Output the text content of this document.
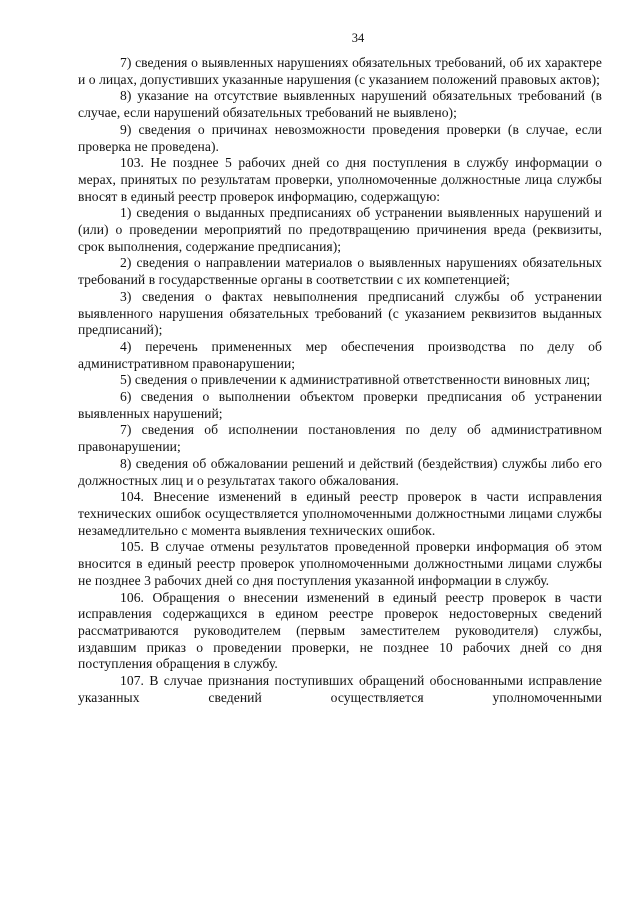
34

7) сведения о выявленных нарушениях обязательных требований, об их характере и о лицах, допустивших указанные нарушения (с указанием положений правовых актов);

8) указание на отсутствие выявленных нарушений обязательных требований (в случае, если нарушений обязательных требований не выявлено);

9) сведения о причинах невозможности проведения проверки (в случае, если проверка не проведена).

103. Не позднее 5 рабочих дней со дня поступления в службу информации о мерах, принятых по результатам проверки, уполномоченные должностные лица службы вносят в единый реестр проверок информацию, содержащую:

1) сведения о выданных предписаниях об устранении выявленных нарушений и (или) о проведении мероприятий по предотвращению причинения вреда (реквизиты, срок выполнения, содержание предписания);

2) сведения о направлении материалов о выявленных нарушениях обязательных требований в государственные органы в соответствии с их компетенцией;

3) сведения о фактах невыполнения предписаний службы об устранении выявленного нарушения обязательных требований (с указанием реквизитов выданных предписаний);

4) перечень примененных мер обеспечения производства по делу об административном правонарушении;

5) сведения о привлечении к административной ответственности виновных лиц;

6) сведения о выполнении объектом проверки предписания об устранении выявленных нарушений;

7) сведения об исполнении постановления по делу об административном правонарушении;

8) сведения об обжаловании решений и действий (бездействия) службы либо его должностных лиц и о результатах такого обжалования.

104. Внесение изменений в единый реестр проверок в части исправления технических ошибок осуществляется уполномоченными должностными лицами службы незамедлительно с момента выявления технических ошибок.

105. В случае отмены результатов проведенной проверки информация об этом вносится в единый реестр проверок уполномоченными должностными лицами службы не позднее 3 рабочих дней со дня поступления указанной информации в службу.

106. Обращения о внесении изменений в единый реестр проверок в части исправления содержащихся в едином реестре проверок недостоверных сведений рассматриваются руководителем (первым заместителем руководителя) службы, издавшим приказ о проведении проверки, не позднее 10 рабочих дней со дня поступления обращения в службу.

107. В случае признания поступивших обращений обоснованными исправление указанных сведений осуществляется уполномоченными
